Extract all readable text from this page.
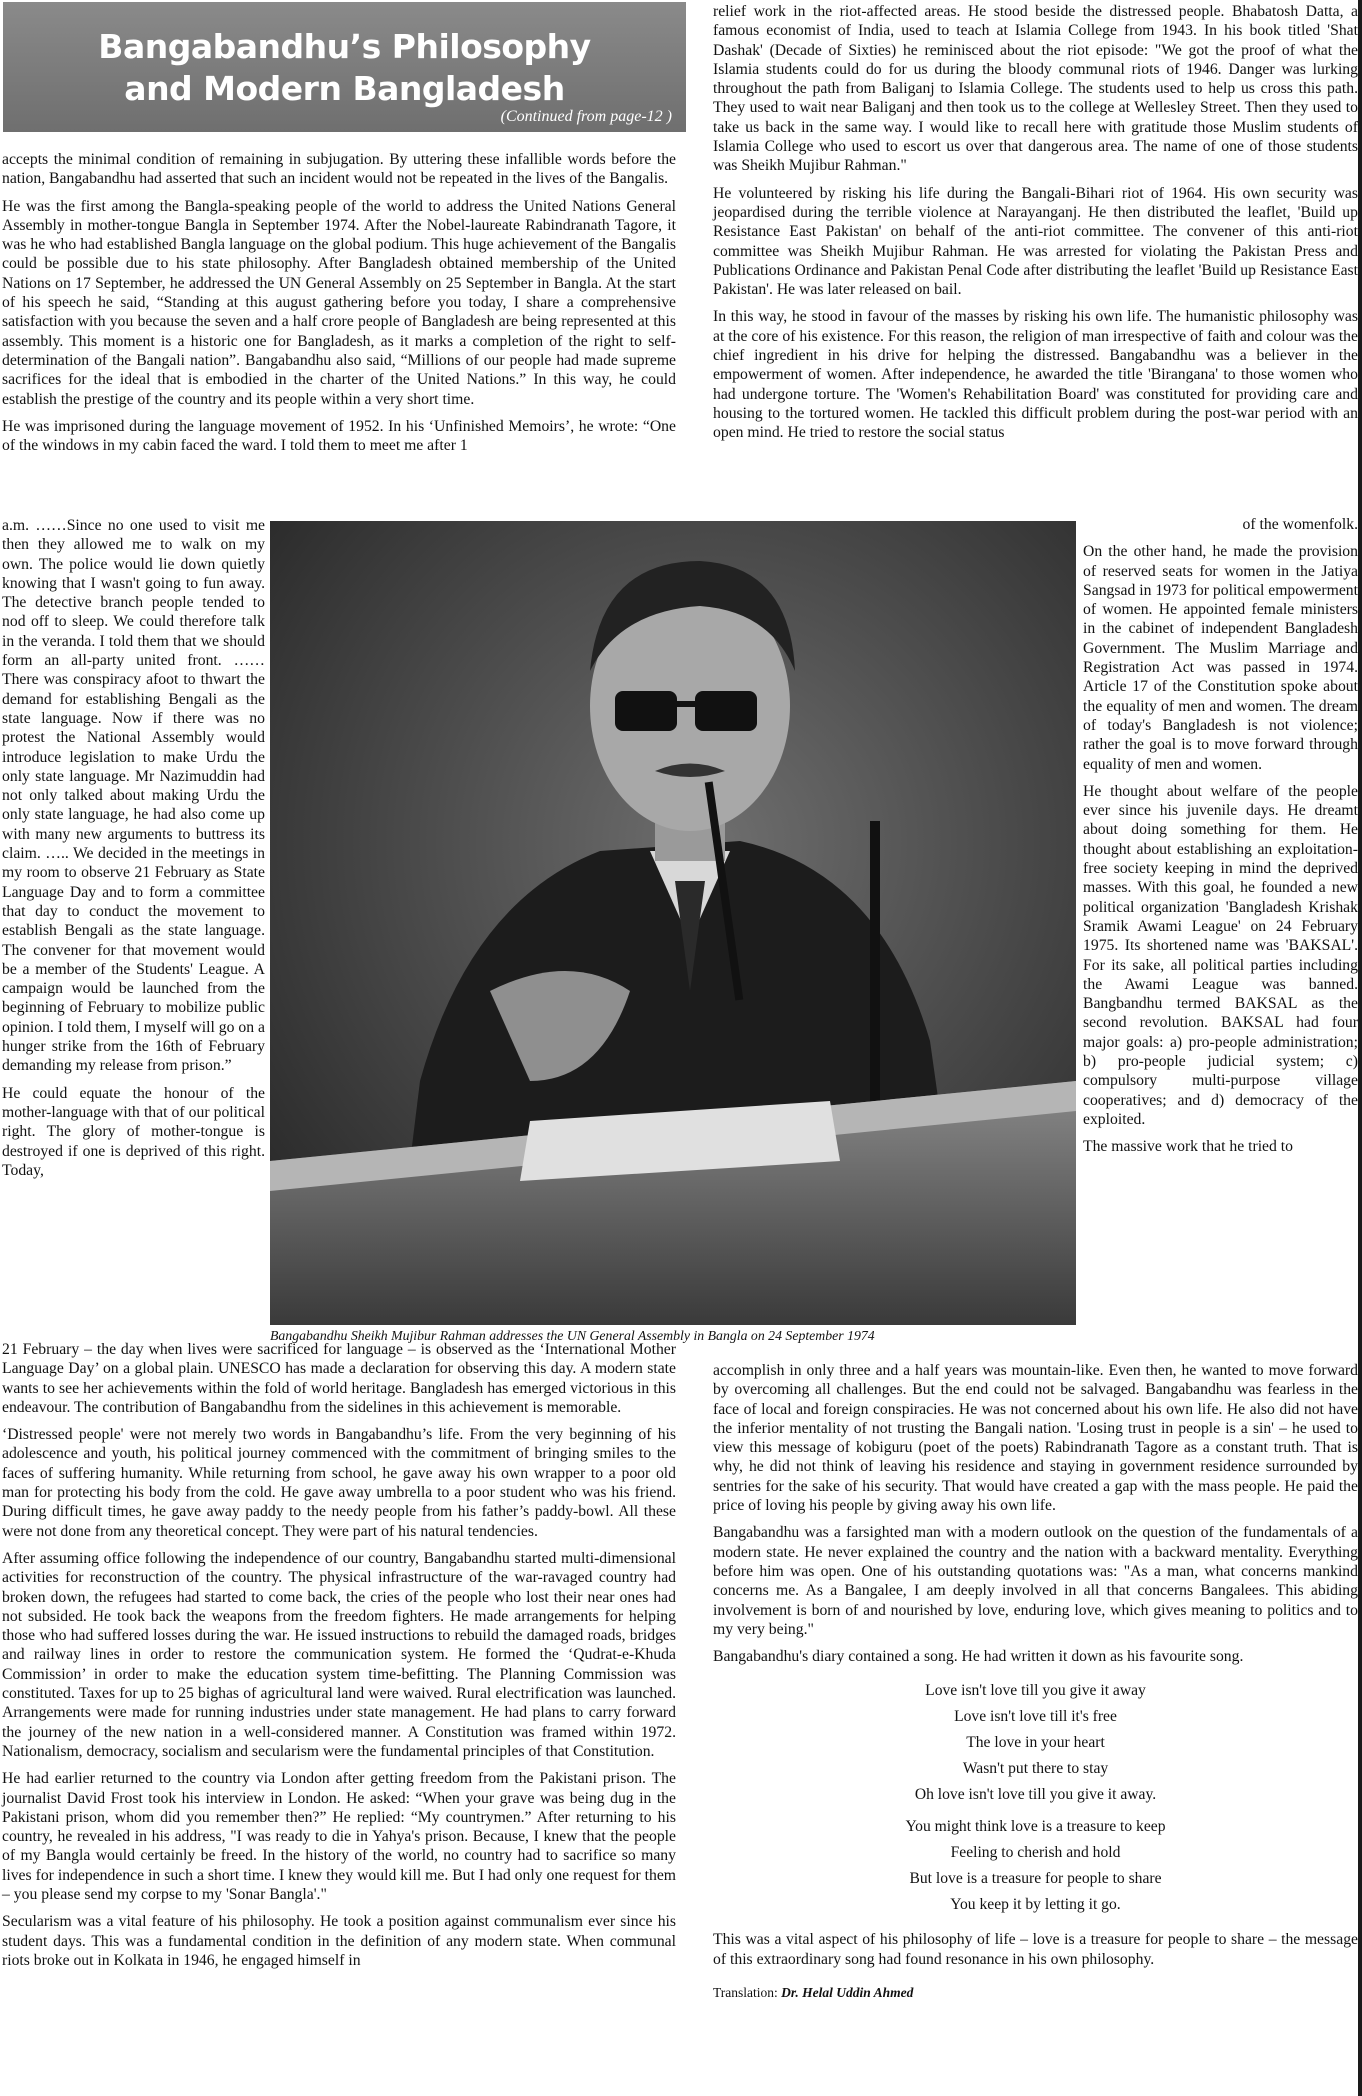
Bangabandhu’s Philosophy
and Modern Bangladesh
(Continued from page-12 )

accepts the minimal condition of remaining in subjugation. By uttering these infallible words before the nation, Bangabandhu had asserted that such an incident would not be repeated in the lives of the Bangalis.

He was the first among the Bangla-speaking people of the world to address the United Nations General Assembly in mother-tongue Bangla in September 1974. After the Nobel-laureate Rabindranath Tagore, it was he who had established Bangla language on the global podium. This huge achievement of the Bangalis could be possible due to his state philosophy. After Bangladesh obtained membership of the United Nations on 17 September, he addressed the UN General Assembly on 25 September in Bangla. At the start of his speech he said, “Standing at this august gathering before you today, I share a comprehensive satisfaction with you because the seven and a half crore people of Bangladesh are being represented at this assembly. This moment is a historic one for Bangladesh, as it marks a completion of the right to self-determination of the Bangali nation”. Bangabandhu also said, “Millions of our people had made supreme sacrifices for the ideal that is embodied in the charter of the United Nations.” In this way, he could establish the prestige of the country and its people within a very short time.

He was imprisoned during the language movement of 1952. In his ‘Unfinished Memoirs’, he wrote: “One of the windows in my cabin faced the ward. I told them to meet me after 1

a.m. ……Since no one used to visit me then they allowed me to walk on my own. The police would lie down quietly knowing that I wasn't going to fun away. The detective branch people tended to nod off to sleep. We could therefore talk in the veranda. I told them that we should form an all-party united front. …… There was conspiracy afoot to thwart the demand for establishing Bengali as the state language. Now if there was no protest the National Assembly would introduce legislation to make Urdu the only state language. Mr Nazimuddin had not only talked about making Urdu the only state language, he had also come up with many new arguments to buttress its claim. ….. We decided in the meetings in my room to observe 21 February as State Language Day and to form a committee that day to conduct the movement to establish Bengali as the state language. The convener for that movement would be a member of the Students' League. A campaign would be launched from the beginning of February to mobilize public opinion. I told them, I myself will go on a hunger strike from the 16th of February demanding my release from prison.”

He could equate the honour of the mother-language with that of our political right. The glory of mother-tongue is destroyed if one is deprived of this right. Today,

Bangabandhu Sheikh Mujibur Rahman addresses the UN General Assembly in Bangla on 24 September 1974

21 February – the day when lives were sacrificed for language – is observed as the ‘International Mother Language Day’ on a global plain. UNESCO has made a declaration for observing this day. A modern state wants to see her achievements within the fold of world heritage. Bangladesh has emerged victorious in this endeavour. The contribution of Bangabandhu from the sidelines in this achievement is memorable.

‘Distressed people' were not merely two words in Bangabandhu’s life. From the very beginning of his adolescence and youth, his political journey commenced with the commitment of bringing smiles to the faces of suffering humanity. While returning from school, he gave away his own wrapper to a poor old man for protecting his body from the cold. He gave away umbrella to a poor student who was his friend. During difficult times, he gave away paddy to the needy people from his father’s paddy-bowl. All these were not done from any theoretical concept. They were part of his natural tendencies.

After assuming office following the independence of our country, Bangabandhu started multi-dimensional activities for reconstruction of the country. The physical infrastructure of the war-ravaged country had broken down, the refugees had started to come back, the cries of the people who lost their near ones had not subsided. He took back the weapons from the freedom fighters. He made arrangements for helping those who had suffered losses during the war. He issued instructions to rebuild the damaged roads, bridges and railway lines in order to restore the communication system. He formed the ‘Qudrat-e-Khuda Commission’ in order to make the education system time-befitting. The Planning Commission was constituted. Taxes for up to 25 bighas of agricultural land were waived. Rural electrification was launched. Arrangements were made for running industries under state management. He had plans to carry forward the journey of the new nation in a well-considered manner. A Constitution was framed within 1972. Nationalism, democracy, socialism and secularism were the fundamental principles of that Constitution.

He had earlier returned to the country via London after getting freedom from the Pakistani prison. The journalist David Frost took his interview in London. He asked: “When your grave was being dug in the Pakistani prison, whom did you remember then?” He replied: “My countrymen.” After returning to his country, he revealed in his address, "I was ready to die in Yahya's prison. Because, I knew that the people of my Bangla would certainly be freed. In the history of the world, no country had to sacrifice so many lives for independence in such a short time. I knew they would kill me. But I had only one request for them – you please send my corpse to my 'Sonar Bangla'."

Secularism was a vital feature of his philosophy. He took a position against communalism ever since his student days. This was a fundamental condition in the definition of any modern state. When communal riots broke out in Kolkata in 1946, he engaged himself in

relief work in the riot-affected areas. He stood beside the distressed people. Bhabatosh Datta, a famous economist of India, used to teach at Islamia College from 1943. In his book titled 'Shat Dashak' (Decade of Sixties) he reminisced about the riot episode: "We got the proof of what the Islamia students could do for us during the bloody communal riots of 1946. Danger was lurking throughout the path from Baliganj to Islamia College. The students used to help us cross this path. They used to wait near Baliganj and then took us to the college at Wellesley Street. Then they used to take us back in the same way. I would like to recall here with gratitude those Muslim students of Islamia College who used to escort us over that dangerous area. The name of one of those students was Sheikh Mujibur Rahman."

He volunteered by risking his life during the Bangali-Bihari riot of 1964. His own security was jeopardised during the terrible violence at Narayanganj. He then distributed the leaflet, 'Build up Resistance East Pakistan' on behalf of the anti-riot committee. The convener of this anti-riot committee was Sheikh Mujibur Rahman. He was arrested for violating the Pakistan Press and Publications Ordinance and Pakistan Penal Code after distributing the leaflet 'Build up Resistance East Pakistan'. He was later released on bail.

In this way, he stood in favour of the masses by risking his own life. The humanistic philosophy was at the core of his existence. For this reason, the religion of man irrespective of faith and colour was the chief ingredient in his drive for helping the distressed. Bangabandhu was a believer in the empowerment of women. After independence, he awarded the title 'Birangana' to those women who had undergone torture. The 'Women's Rehabilitation Board' was constituted for providing care and housing to the tortured women. He tackled this difficult problem during the post-war period with an open mind. He tried to restore the social status

of the womenfolk.

On the other hand, he made the provision of reserved seats for women in the Jatiya Sangsad in 1973 for political empowerment of women. He appointed female ministers in the cabinet of independent Bangladesh Government. The Muslim Marriage and Registration Act was passed in 1974. Article 17 of the Constitution spoke about the equality of men and women. The dream of today's Bangladesh is not violence; rather the goal is to move forward through equality of men and women.

He thought about welfare of the people ever since his juvenile days. He dreamt about doing something for them. He thought about establishing an exploitation-free society keeping in mind the deprived masses. With this goal, he founded a new political organization 'Bangladesh Krishak Sramik Awami League' on 24 February 1975. Its shortened name was 'BAKSAL'. For its sake, all political parties including the Awami League was banned. Bangbandhu termed BAKSAL as the second revolution. BAKSAL had four major goals: a) pro-people administration; b) pro-people judicial system; c) compulsory multi-purpose village cooperatives; and d) democracy of the exploited.

The massive work that he tried to

accomplish in only three and a half years was mountain-like. Even then, he wanted to move forward by overcoming all challenges. But the end could not be salvaged. Bangabandhu was fearless in the face of local and foreign conspiracies. He was not concerned about his own life. He also did not have the inferior mentality of not trusting the Bangali nation. 'Losing trust in people is a sin' – he used to view this message of kobiguru (poet of the poets) Rabindranath Tagore as a constant truth. That is why, he did not think of leaving his residence and staying in government residence surrounded by sentries for the sake of his security. That would have created a gap with the mass people. He paid the price of loving his people by giving away his own life.

Bangabandhu was a farsighted man with a modern outlook on the question of the fundamentals of a modern state. He never explained the country and the nation with a backward mentality. Everything before him was open. One of his outstanding quotations was: "As a man, what concerns mankind concerns me. As a Bangalee, I am deeply involved in all that concerns Bangalees. This abiding involvement is born of and nourished by love, enduring love, which gives meaning to politics and to my very being."

Bangabandhu's diary contained a song. He had written it down as his favourite song.

Love isn't love till you give it away
Love isn't love till it's free
The love in your heart
Wasn't put there to stay
Oh love isn't love till you give it away.
You might think love is a treasure to keep
Feeling to cherish and hold
But love is a treasure for people to share
You keep it by letting it go.

This was a vital aspect of his philosophy of life – love is a treasure for people to share – the message of this extraordinary song had found resonance in his own philosophy.

Translation: Dr. Helal Uddin Ahmed
